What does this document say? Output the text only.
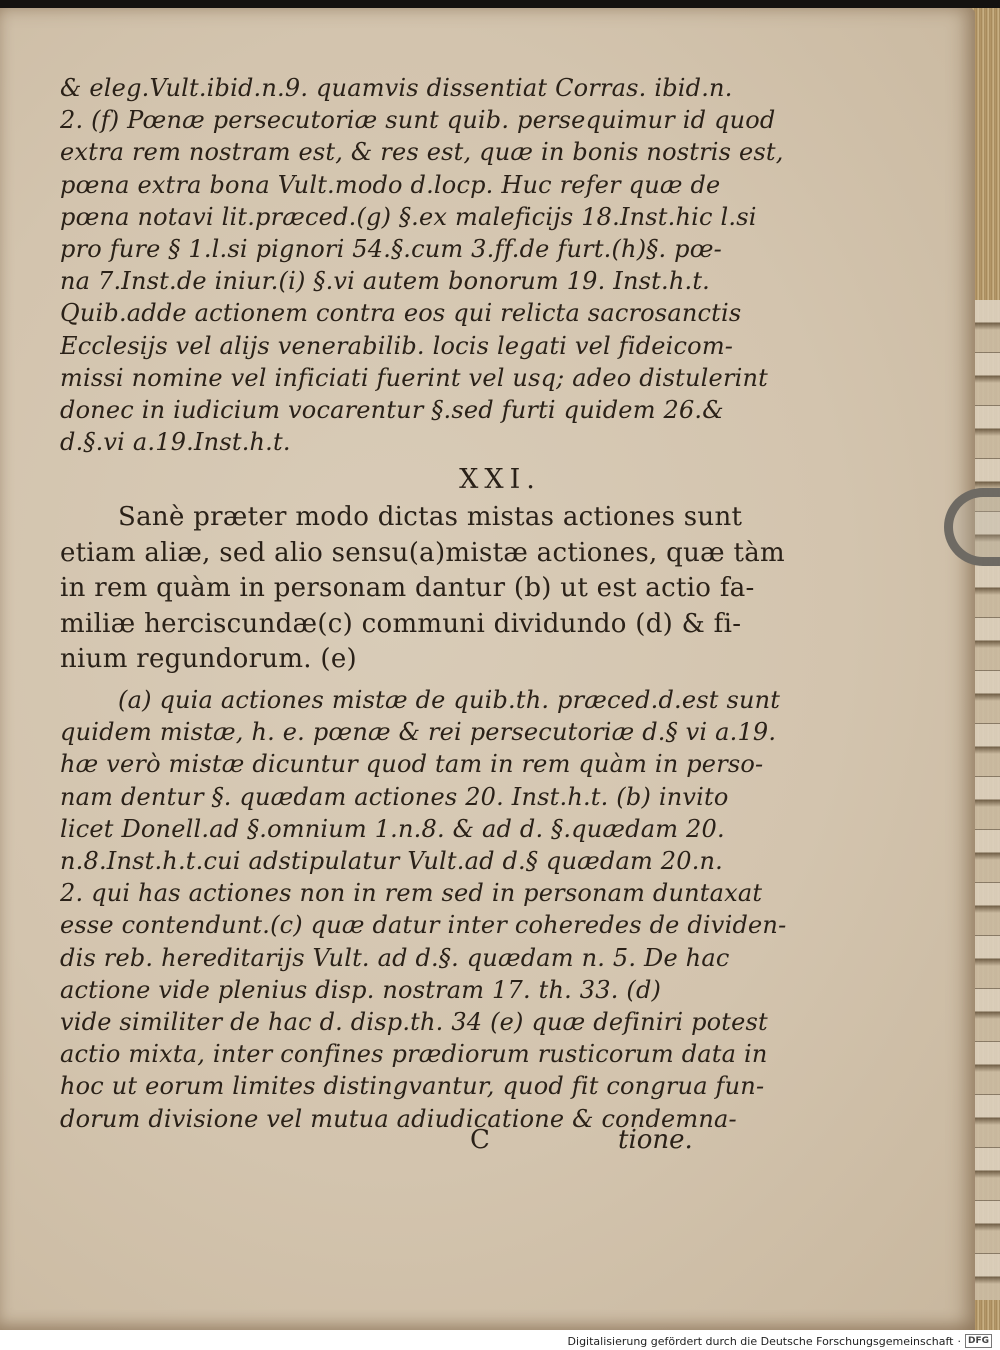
& eleg.Vult.ibid.n.9. quamvis dissentiat Corras. ibid.n.
2. (f) Pœnæ persecutoriæ sunt quib. persequimur id quod
extra rem nostram est, & res est, quæ in bonis nostris est,
pœna extra bona Vult.modo d.locp. Huc refer quæ de
pœna notavi lit.præced.(g) §.ex maleficijs 18.Inst.hic l.si
pro fure § 1.l.si pignori 54.§.cum 3.ff.de furt.(h)§. pœ-
na 7.Inst.de iniur.(i) §.vi autem bonorum 19. Inst.h.t.
Quib.adde actionem contra eos qui relicta sacrosanctis
Ecclesijs vel alijs venerabilib. locis legati vel fideicom-
missi nomine vel inficiati fuerint vel usq; adeo distulerint
donec in iudicium vocarentur §.sed furti quidem 26.&
d.§.vi a.19.Inst.h.t.
XXI.
Sanè præter modo dictas mistas actiones sunt
etiam aliæ, sed alio sensu(a)mistæ actiones, quæ tàm
in rem quàm in personam dantur (b) ut est actio fa-
miliæ herciscundæ(c) communi dividundo (d) & fi-
nium regundorum. (e)
(a) quia actiones mistæ de quib.th. præced.d.est sunt
quidem mistæ, h. e. pœnæ & rei persecutoriæ d.§ vi a.19.
hæ verò mistæ dicuntur quod tam in rem quàm in perso-
nam dentur §. quædam actiones 20. Inst.h.t. (b) invito
licet Donell.ad §.omnium 1.n.8. & ad d. §.quædam 20.
n.8.Inst.h.t.cui adstipulatur Vult.ad d.§ quædam 20.n.
2. qui has actiones non in rem sed in personam duntaxat
esse contendunt.(c) quæ datur inter coheredes de dividen-
dis reb. hereditarijs Vult. ad d.§. quædam n. 5. De hac
actione vide plenius disp. nostram 17. th. 33. (d)
vide similiter de hac d. disp.th. 34 (e) quæ definiri potest
actio mixta, inter confines prædiorum rusticorum data in
hoc ut eorum limites distingvantur, quod fit congrua fun-
dorum divisione vel mutua adiudicatione & condemna-
C	tione.
Digitalisierung gefördert durch die Deutsche Forschungsgemeinschaft · DFG
